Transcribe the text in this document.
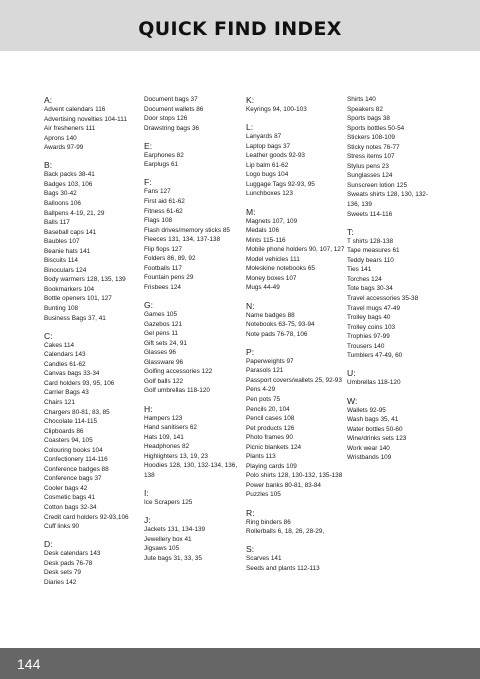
QUICK FIND INDEX
A:
Advent calendars 116
Advertising novelties 104-111
Air fresheners 111
Aprons 140
Awards 97-99
B:
Back packs 38-41
Badges 103, 106
Bags 30-42
Balloons 106
Ballpens 4-19, 21, 29
Balls 117
Baseball caps 141
Baubles 107
Beanie hats 141
Biscuits 114
Binoculars 124
Body warmers 128, 135, 139
Bookmarkers 104
Bottle openers 101, 127
Bunting 108
Business Bags 37, 41
C:
Cakes 114
Calendars 143
Candles 61-62
Canvas bags 33-34
Card holders 93, 95, 106
Carrier Bags 43
Chairs 121
Chargers 80-81, 83, 85
Chocolate 114-115
Clipboards 86
Coasters 94, 105
Colouring books 104
Confectionery 114-116
Conference badges 88
Conference bags 37
Cooler bags 42
Cosmetic bags 41
Cotton bags 32-34
Credit card holders 92-93,106
Cuff links 90
D:
Desk calendars 143
Desk pads 76-78
Desk sets 79
Diaries 142
Document bags 37
Document wallets 86
Door stops 126
Drawstring bags 36
E:
Earphones 82
Earplugs 61
F:
Fans 127
First aid 61-62
Fitness 61-62
Flags 108
Flash drives/memory sticks 85
Fleeces 131, 134, 137-138
Flip flops 127
Folders 86, 89, 92
Footballs 117
Fountain pens 29
Frisbees 124
G:
Games 105
Gazebos 121
Gel pens 11
Gift sets 24, 91
Glasses 96
Glassware 96
Golfing accessories 122
Golf balls 122
Golf umbrellas 118-120
H:
Hampers 123
Hand sanitisers 62
Hats 109, 141
Headphones 82
Highlighters 13, 19, 23
Hoodies 128, 130, 132-134, 136, 138
I:
Ice Scrapers 125
J:
Jackets 131, 134-139
Jewellery box 41
Jigsaws 105
Jute bags 31, 33, 35
K:
Keyrings 94, 100-103
L:
Lanyards 87
Laptop bags 37
Leather goods 92-93
Lip balm 61-62
Logo bugs 104
Luggage Tags 92-93, 95
Lunchboxes 123
M:
Magnets 107, 109
Medals 106
Mints 115-116
Mobile phone holders 90, 107, 127
Model vehicles 111
Moleskine notebooks 65
Money boxes 107
Mugs 44-49
N:
Name badges 88
Notebooks 63-75, 93-94
Note pads 76-78, 106
P:
Paperweights 97
Parasols 121
Passport covers/wallets 25, 92-93
Pens 4-29
Pen pots 75
Pencils 20, 104
Pencil cases 108
Pet products 126
Photo frames 90
Picnic blankets 124
Plants 113
Playing cards 109
Polo shirts 128, 130-132, 135-138
Power banks 80-81, 83-84
Puzzles 105
R:
Ring binders 86
Rollerballs 6, 18, 26, 28-29,
S:
Scarves 141
Seeds and plants 112-113
Shirts 140
Speakers 82
Sports bags 38
Sports bottles 50-54
Stickers 108-109
Sticky notes 76-77
Stress items 107
Stylus pens 23
Sunglasses 124
Sunscreen lotion 125
Sweats shirts 128, 130, 132-136, 139
Sweets 114-116
T:
T shirts 128-138
Tape measures 61
Teddy bears 110
Ties 141
Torches 124
Tote bags 30-34
Travel accessories 35-38
Travel mugs 47-49
Trolley bags 40
Trolley coins 103
Trophies 97-99
Trousers 140
Tumblers 47-49, 60
U:
Umbrellas 118-120
W:
Wallets 92-95
Wash bags 35, 41
Water bottles 50-60
Wine/drinks sets 123
Work wear 140
Wristbands 109
144
